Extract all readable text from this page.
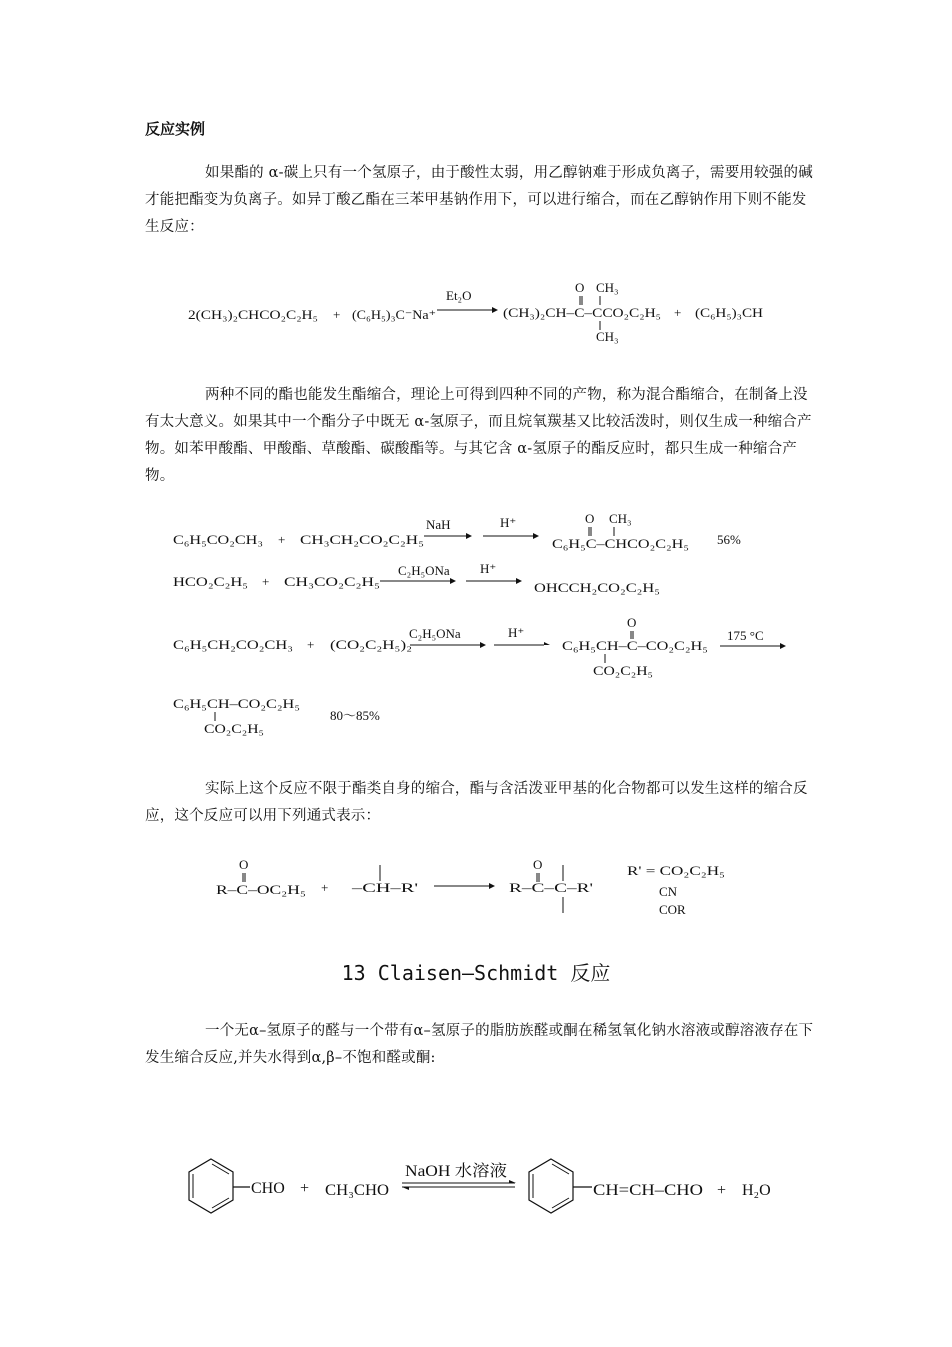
反应实例
如果酯的 α-碳上只有一个氢原子，由于酸性太弱，用乙醇钠难于形成负离子，需要用较强的碱才能把酯变为负离子。如异丁酸乙酯在三苯甲基钠作用下，可以进行缩合，而在乙醇钠作用下则不能发生反应：
2(CH₃)₂CHCO₂C₂H₅ + (C₆H₅)₃C⁻Na⁺
Et₂O
O CH₃
(CH₃)₂CH–C–CCO₂C₂H₅
CH₃
+ (C₆H₅)₃CH
两种不同的酯也能发生酯缩合，理论上可得到四种不同的产物，称为混合酯缩合，在制备上没有太大意义。如果其中一个酯分子中既无 α-氢原子，而且烷氧羰基又比较活泼时，则仅生成一种缩合产物。如苯甲酸酯、甲酸酯、草酸酯、碳酸酯等。与其它含 α-氢原子的酯反应时，都只生成一种缩合产物。
C₆H₅CO₂CH₃ + CH₃CH₂CO₂C₂H₅
NaH	H⁺	O CH₃
C₆H₅C–CHCO₂C₂H₅ 56%
HCO₂C₂H₅ + CH₃CO₂C₂H₅
C₂H₅ONa H⁺
OHCCH₂CO₂C₂H₅
C₆H₅CH₂CO₂CH₃ + (CO₂C₂H₅)₂
C₂H₅ONa	H⁺
O
C₆H₅CH–C–CO₂C₂H₅
CO₂C₂H₅
175 °C
C₆H₅CH–CO₂C₂H₅
CO₂C₂H₅
80～85%
实际上这个反应不限于酯类自身的缩合，酯与含活泼亚甲基的化合物都可以发生这样的缩合反应，这个反应可以用下列通式表示：
O
R–C–OC₂H₅ + –CH–R'
O
R–C–C–R'
R' = CO₂C₂H₅
CN
COR
13 Claisen—Schmidt 反应
一个无α–氢原子的醛与一个带有α–氢原子的脂肪族醛或酮在稀氢氧化钠水溶液或醇溶液存在下发生缩合反应,并失水得到α,β–不饱和醛或酮:
CHO + CH₃CHO
NaOH 水溶液
CH=CH–CHO + H₂O
